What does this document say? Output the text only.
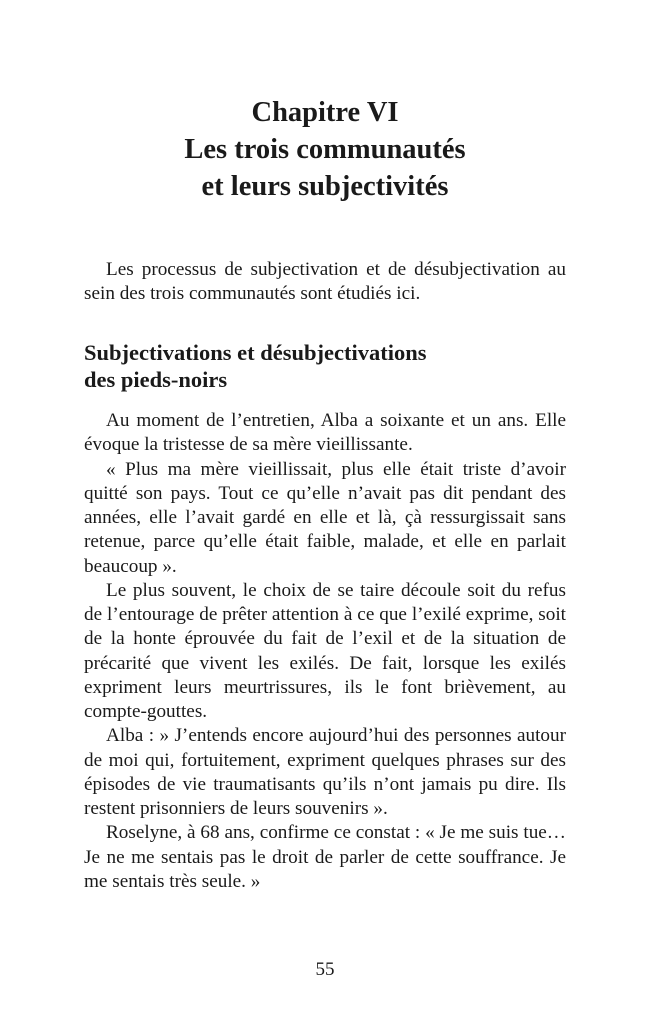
Chapitre VI
Les trois communautés
et leurs subjectivités

Les processus de subjectivation et de désubjectivation au sein des trois communautés sont étudiés ici.

Subjectivations et désubjectivations
des pieds-noirs

Au moment de l’entretien, Alba a soixante et un ans. Elle évoque la tristesse de sa mère vieillissante.

« Plus ma mère vieillissait, plus elle était triste d’avoir quitté son pays. Tout ce qu’elle n’avait pas dit pendant des années, elle l’avait gardé en elle et là, çà ressurgissait sans retenue, parce qu’elle était faible, malade, et elle en parlait beaucoup ».

Le plus souvent, le choix de se taire découle soit du refus de l’entourage de prêter attention à ce que l’exilé exprime, soit de la honte éprouvée du fait de l’exil et de la situation de précarité que vivent les exilés. De fait, lorsque les exilés expriment leurs meurtrissures, ils le font brièvement, au compte-gouttes.

Alba : » J’entends encore aujourd’hui des personnes autour de moi qui, fortuitement, expriment quelques phrases sur des épisodes de vie traumatisants qu’ils n’ont jamais pu dire. Ils restent prisonniers de leurs souvenirs ».

Roselyne, à 68 ans, confirme ce constat : « Je me suis tue… Je ne me sentais pas le droit de parler de cette souffrance. Je me sentais très seule. »

55
